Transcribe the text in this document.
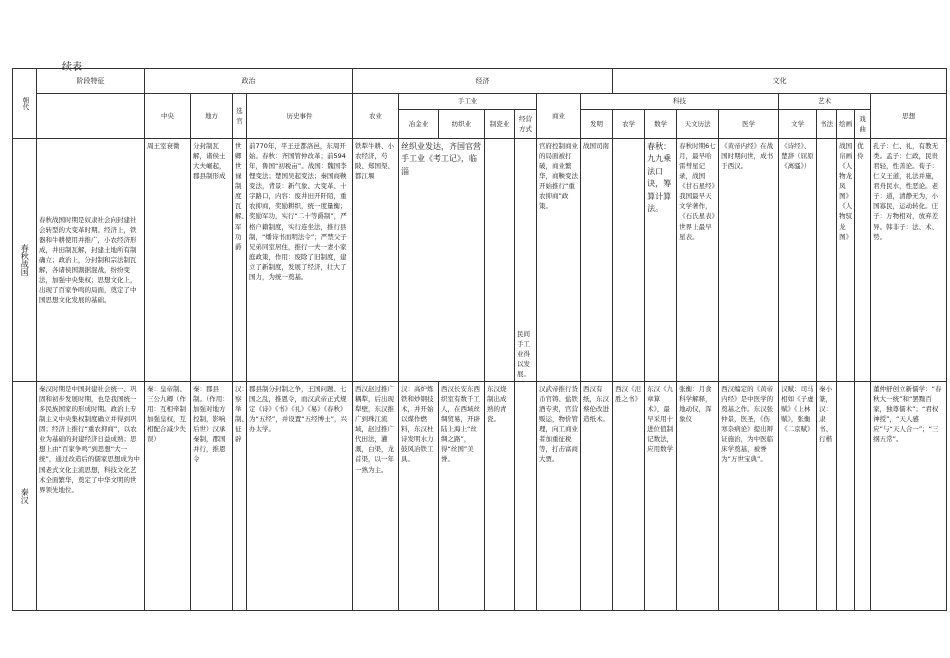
续表
朝代	阶段特征	政治				经济							文化								
		中央	地方	选官	历史事件	农业	手工业				商业	科技					艺术				思想
							冶金业	纺织业	制瓷业	经营方式		发明	农学	数学	天文历法	医学	文学	书法	绘画	戏曲	

春秋战国	春秋战国时期是奴隶社会向封建社会转型的大变革时期。经济上，铁器和牛耕使用并推广，小农经济形成，井田制瓦解，封建土地所有制确立；政治上，分封制和宗法制瓦解，各诸侯国割据混战，纷纷变法，加强中央集权；思想文化上，出现了百家争鸣的局面，奠定了中国思想文化发展的基础。	周王室衰微	分封制瓦解，诸侯士大夫崛起，郡县制形成	世卿世禄制度瓦解、军功爵	前770年，平王迁都洛邑，东周开始。春秋：齐国管仲改革；前594年，鲁国“初税亩”。战国：魏国李悝变法；楚国吴起变法；秦国商鞅变法，背景：新气象、大变革、十字路口，内容：废井田开阡陌，重农抑商，奖励耕织，统一度量衡；奖励军功，实行“二十等爵制”，严格户籍制度，实行连坐法，推行县制，“燔诗书而明法令”；严禁父子兄弟同室居住，推行一夫一妻小家庭政策，作用：废除了旧制度，建立了新制度，发展了经济，壮大了国力，为统一奠基。	铁犁牛耕、小农经济，芍陂、郑国渠、都江堰	丝织业发达，齐国官营手工业《考工记》，临淄			民间手工业得以发展。	官府控制商业的局面被打破，商业繁华，商鞅变法开始推行“重农抑商”政策。	战国司南		春秋：九九乘法口诀，筹算计算法。	春秋时期6七月，最早哈雷彗星记录，战国《甘石星经》我国最早天文学著作，《石氏星表》世界上最早星表。	《黄帝内经》在战国时期问世，成书于西汉。	《诗经》、楚辞（屈原《离骚》）		战国帛画《人物龙凤图》《人物驭龙图》	优伶	孔子：仁、礼，有教无类。孟子：仁政，民贵君轻，性善论。荀子：仁义王道，礼法并施，君舟民水，性恶论。老子：道，清静无为，小国寡民，运动转化。庄子：万物相对，放弃差异。韩非子：法、术、势。

秦汉	秦汉时期是中国封建社会统一、巩固和初步发展时期，也是我国统一多民族国家的形成时期。政治上专制主义中央集权制度确立并得到巩固；经济上推行“重农抑商”，以农业为基础的封建经济日益成熟；思想上由“百家争鸣”到思想“大一统”，通过改造后的儒家思想成为中国老式文化主流思想，科技文化艺术全面繁华，奠定了中华文明的世界领先地位。	秦：皇帝制、三公九卿（作用：互相牵制加强皇权，互相配合减少失误）	秦：郡县制。（作用：加强对地方控制，影响后世）汉承秦制，郡国并行，推恩令	汉：察举制、征辟	郡县制分封制之争，王国问题、七国之乱，推恩令，而汉武帝正式规定《诗》《书》《礼》《易》《春秋》为“五经”，并设置“五经博士”，兴办太学。	西汉赵过推广耦犁，后出现犁壁，东汉推广到珠江流域，赵过推广代田法，灌溉，白渠，龙首渠，以一年一熟为主。	汉：高炉炼铁和炒钢技术，并开始以煤作燃料，东汉杜诗发明水力鼓风冶铁工具。	西汉长安东西织室有数千工人，在西域丝绸贸易，开辟陆上海上“丝绸之路”，得“丝国”美誉。	东汉烧制出成熟的青瓷。		汉武帝推行货币官铸、盐铁酒专卖，官营贩运，物价管理，向工商业者加重征税等，打击富商大贾。	西汉有纸，东汉蔡伦改进造纸术。	西汉《氾胜之书》	东汉《九章算术》，最早采用十进位值制记数法，应用数学	张衡：月食科学解释，地动仪，浑象仪	西汉编定的《黄帝内经》是中医学的奠基之作。东汉张仲景，医圣，《伤寒杂病论》提出辩证施治，为中医临床学奠基，被誉为“万世宝典”。	汉赋：司马相如《子虚赋》《上林赋》，张衡《二京赋》	秦小篆，汉：隶书、行楷			董仲舒创立新儒学：“春秋大一统”和“罢黜百家，独尊儒术”；“君权神授”，“天人感应”与“天人合一”；“三纲五常”。
